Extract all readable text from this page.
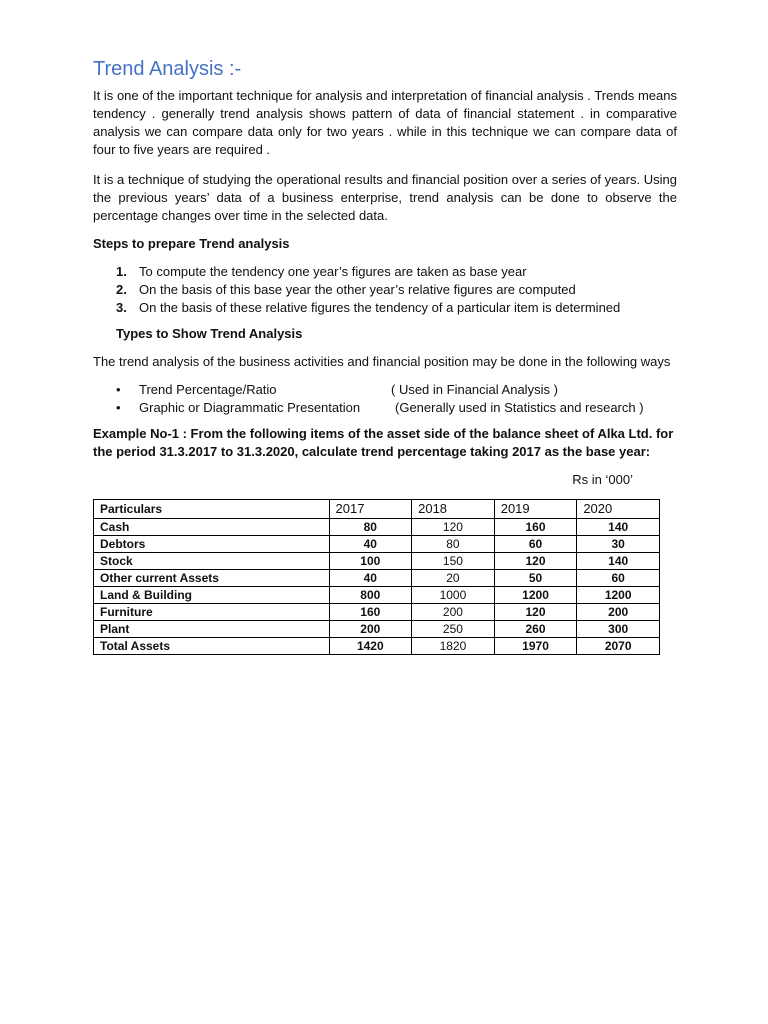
Trend Analysis :-

It is one of the important technique for analysis and interpretation of financial analysis . Trends means tendency . generally trend analysis shows pattern of data of financial statement . in comparative analysis we can compare data only for two years . while in this technique we can compare data of four to five years are required .

It is a technique of studying the operational results and financial position over a series of years. Using the previous years’ data of a business enterprise, trend analysis can be done to observe the percentage changes over time in the selected data.

Steps to prepare Trend analysis
1. To compute the tendency one year’s figures are taken as base year
2. On the basis of this base year the other year’s relative figures are computed
3. On the basis of these relative figures the tendency of a particular item is determined
Types to Show Trend Analysis

The trend analysis of the business activities and financial position may be done in the following ways

• Trend Percentage/Ratio	( Used in Financial Analysis )
• Graphic or Diagrammatic Presentation	(Generally used in Statistics and research )

Example No-1 : From the following items of the asset side of the balance sheet of Alka Ltd. for the period 31.3.2017 to 31.3.2020, calculate trend percentage taking 2017 as the base year:

Rs in ‘000’
Particulars	2017	2018	2019	2020
Cash	80	120	160	140
Debtors	40	80	60	30
Stock	100	150	120	140
Other current Assets	40	20	50	60
Land & Building	800	1000	1200	1200
Furniture	160	200	120	200
Plant	200	250	260	300
Total Assets	1420	1820	1970	2070
